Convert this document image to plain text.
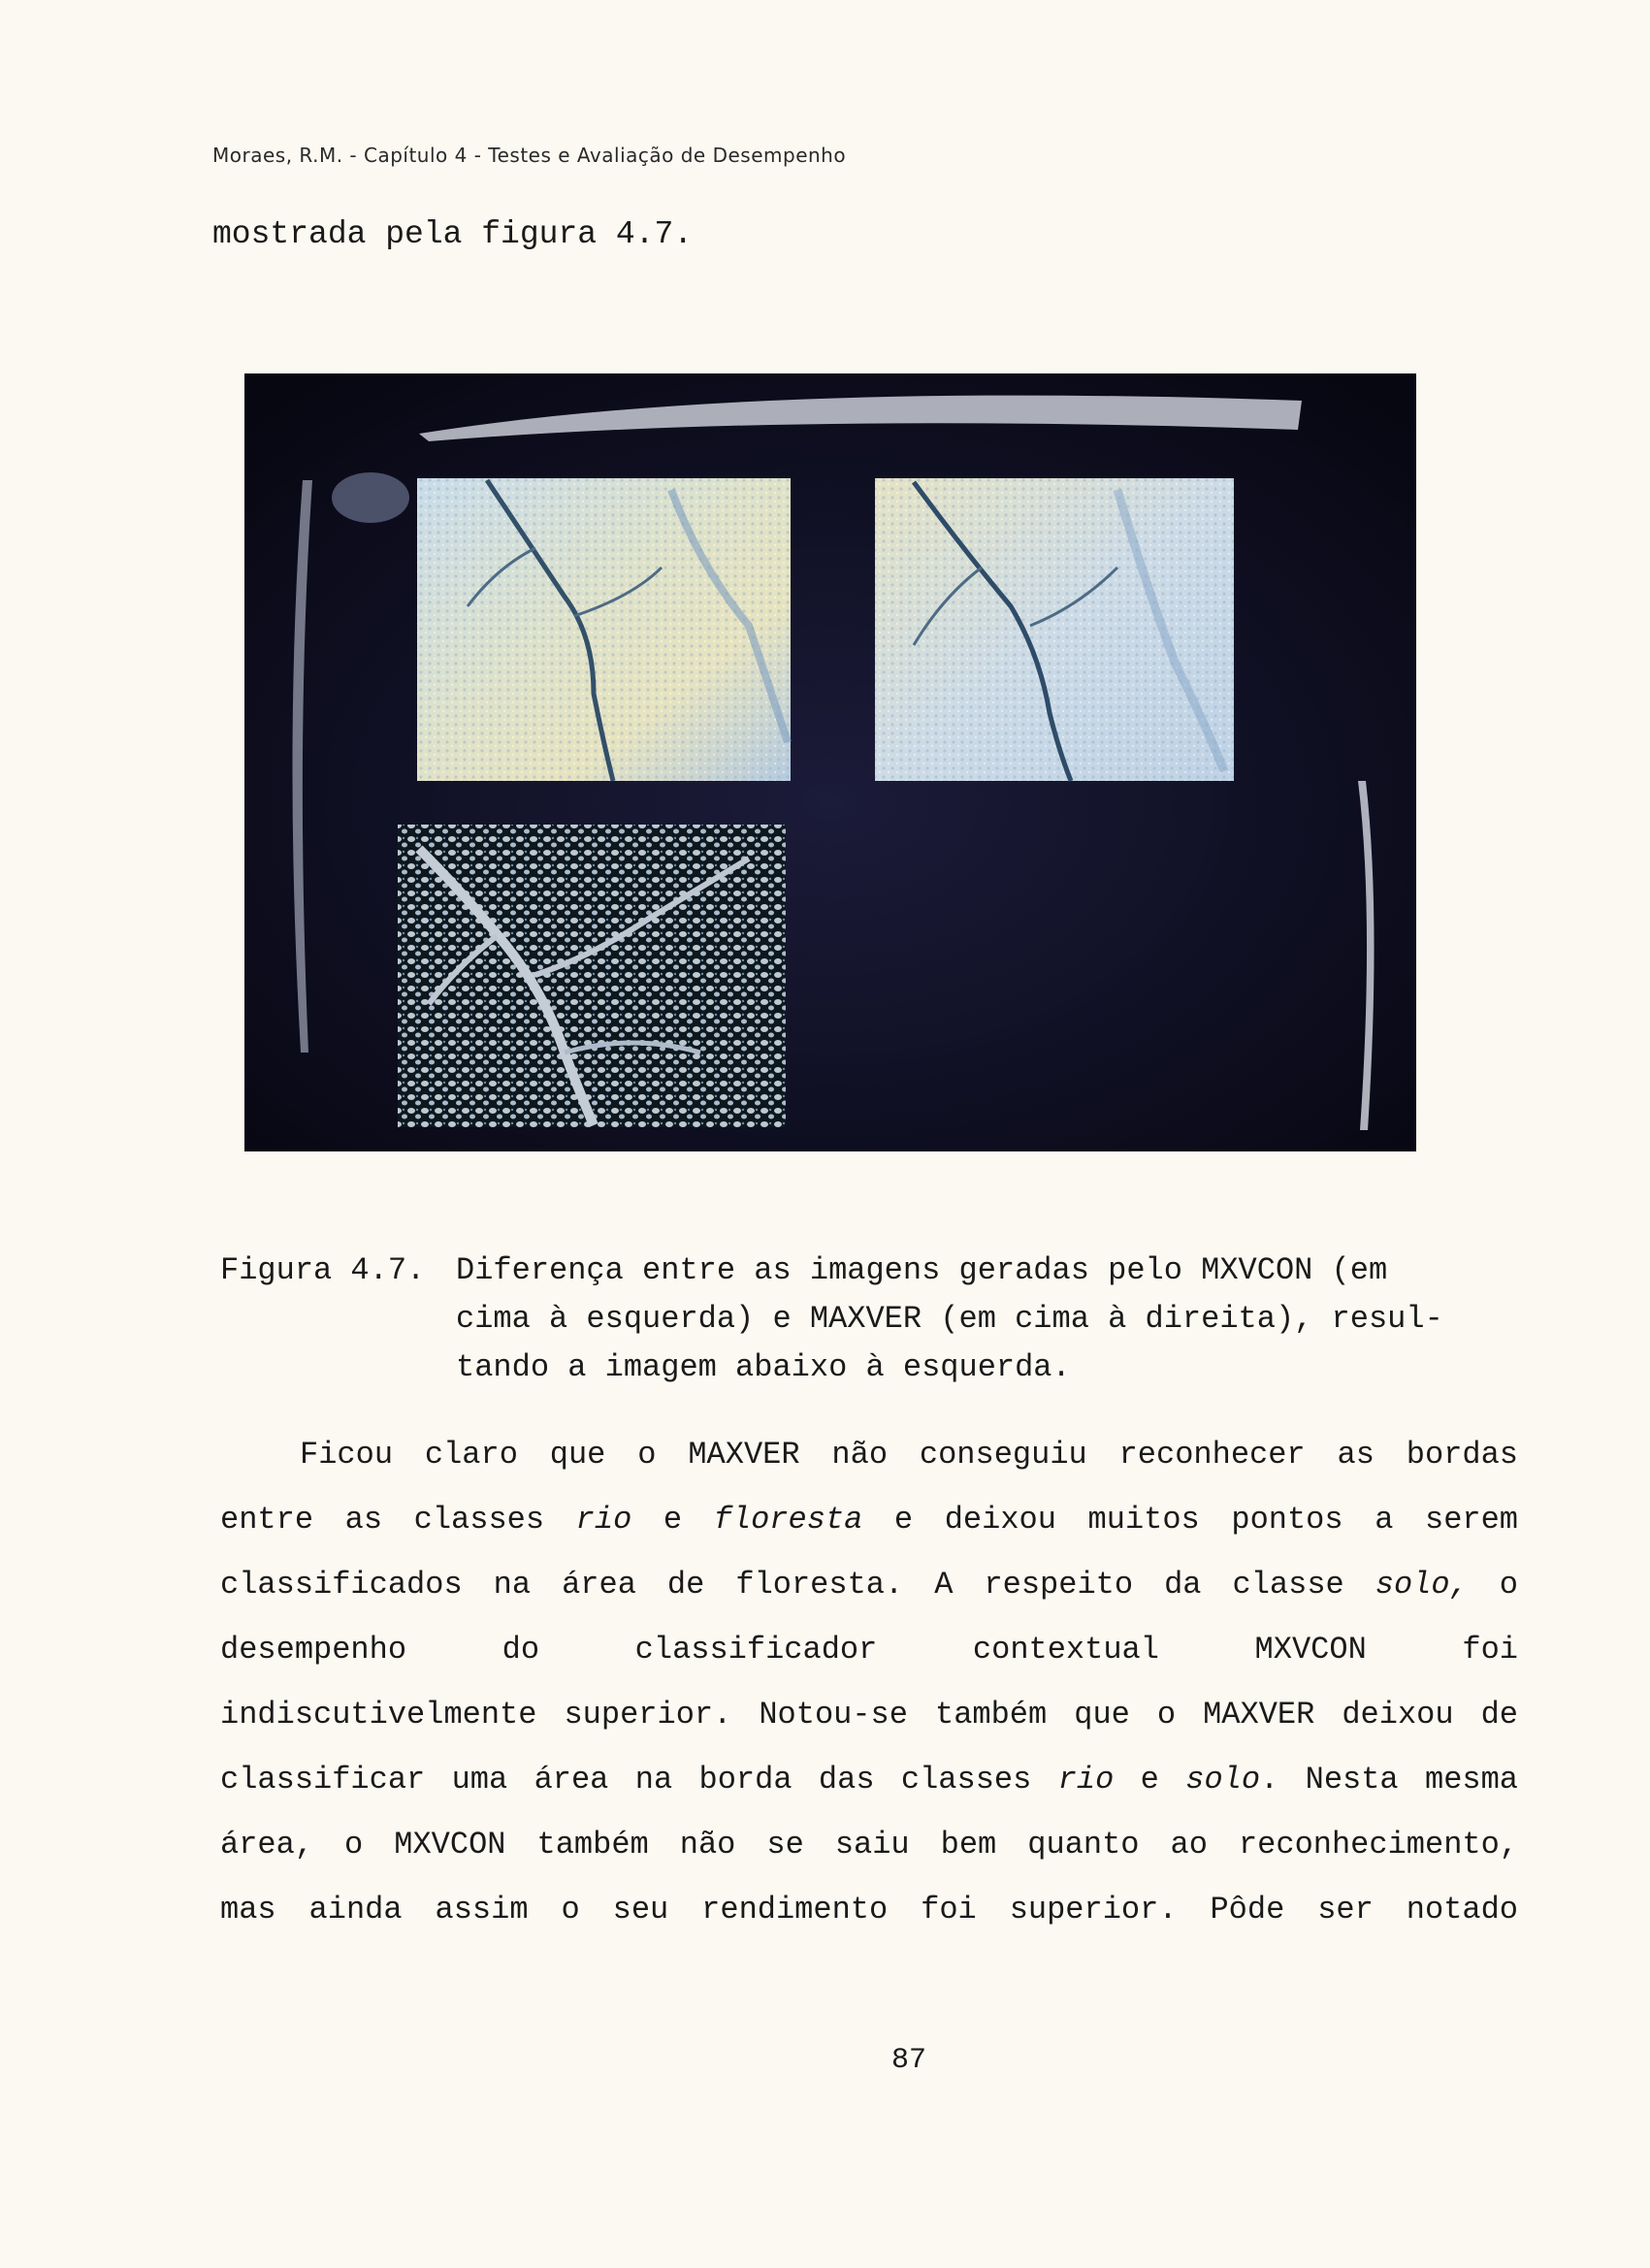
Moraes, R.M. - Capítulo 4 - Testes e Avaliação de Desempenho
mostrada pela figura 4.7.
Figura 4.7. Diferença entre as imagens geradas pelo MXVCON (em
cima à esquerda) e MAXVER (em cima à direita), resul-
tando a imagem abaixo à esquerda.
Ficou claro que o MAXVER não conseguiu reconhecer as bordas
entre as classes rio e floresta e deixou muitos pontos a serem
classificados na área de floresta. A respeito da classe solo, o
desempenho do classificador contextual MXVCON foi
indiscutivelmente superior. Notou-se também que o MAXVER deixou de
classificar uma área na borda das classes rio e solo. Nesta mesma
área, o MXVCON também não se saiu bem quanto ao reconhecimento,
mas ainda assim o seu rendimento foi superior. Pôde ser notado
87
